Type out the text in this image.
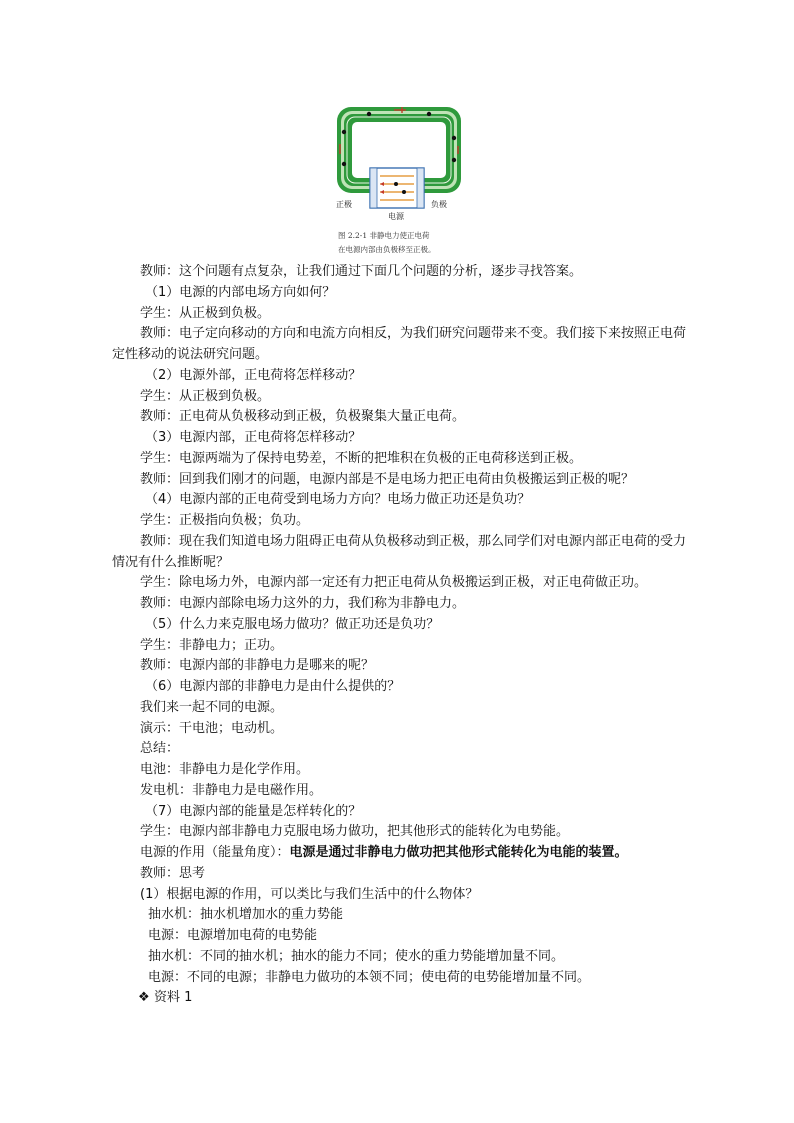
正极
电源
负极
图 2.2-1 非静电力使正电荷
在电源内部由负极移至正极。
教师：这个问题有点复杂，让我们通过下面几个问题的分析，逐步寻找答案。
（1）电源的内部电场方向如何？
学生：从正极到负极。
教师：电子定向移动的方向和电流方向相反，为我们研究问题带来不变。我们接下来按照正电荷定性移动的说法研究问题。
（2）电源外部，正电荷将怎样移动？
学生：从正极到负极。
教师：正电荷从负极移动到正极，负极聚集大量正电荷。
（3）电源内部，正电荷将怎样移动？
学生：电源两端为了保持电势差，不断的把堆积在负极的正电荷移送到正极。
教师：回到我们刚才的问题，电源内部是不是电场力把正电荷由负极搬运到正极的呢？
（4）电源内部的正电荷受到电场力方向？电场力做正功还是负功？
学生：正极指向负极；负功。
教师：现在我们知道电场力阻碍正电荷从负极移动到正极，那么同学们对电源内部正电荷的受力情况有什么推断呢？
学生：除电场力外，电源内部一定还有力把正电荷从负极搬运到正极，对正电荷做正功。
教师：电源内部除电场力这外的力，我们称为非静电力。
（5）什么力来克服电场力做功？做正功还是负功？
学生：非静电力；正功。
教师：电源内部的非静电力是哪来的呢？
（6）电源内部的非静电力是由什么提供的？
我们来一起不同的电源。
演示：干电池；电动机。
总结：
电池：非静电力是化学作用。
发电机：非静电力是电磁作用。
（7）电源内部的能量是怎样转化的？
学生：电源内部非静电力克服电场力做功，把其他形式的能转化为电势能。
电源的作用（能量角度）：电源是通过非静电力做功把其他形式能转化为电能的装置。
教师：思考
(1）根据电源的作用，可以类比与我们生活中的什么物体？
抽水机：抽水机增加水的重力势能
电源：电源增加电荷的电势能
抽水机：不同的抽水机；抽水的能力不同；使水的重力势能增加量不同。
电源：不同的电源；非静电力做功的本领不同；使电荷的电势能增加量不同。
❖ 资料 1
